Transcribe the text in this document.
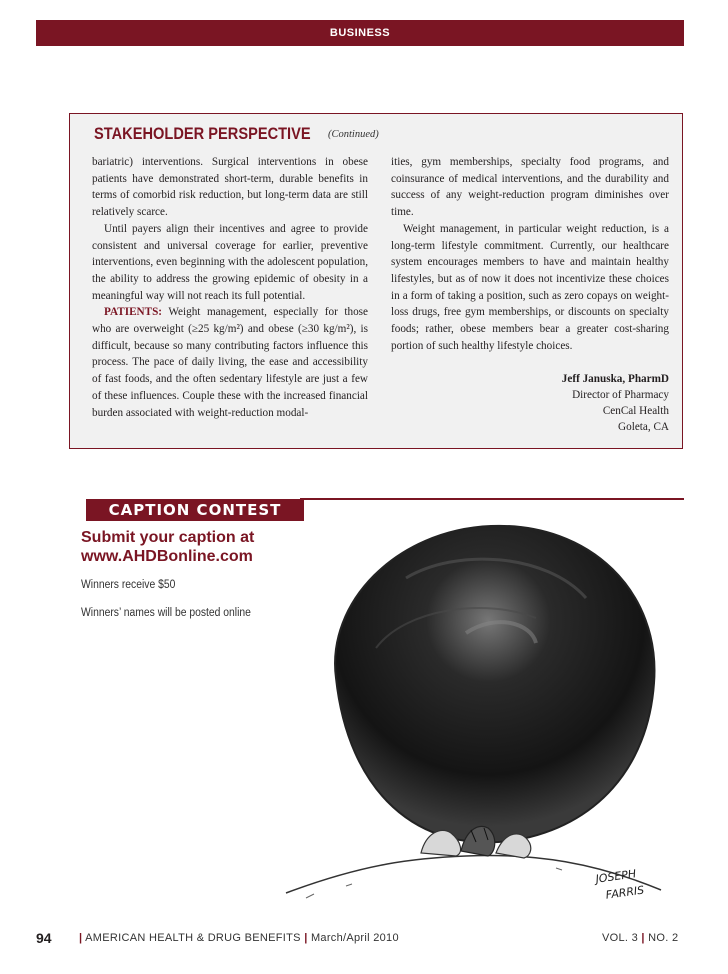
BUSINESS
STAKEHOLDER PERSPECTIVE (Continued)

bariatric) interventions. Surgical interventions in obese patients have demonstrated short-term, durable benefits in terms of comorbid risk reduction, but long-term data are still relatively scarce.

Until payers align their incentives and agree to provide consistent and universal coverage for earlier, preventive interventions, even beginning with the adolescent population, the ability to address the growing epidemic of obesity in a meaningful way will not reach its full potential.

PATIENTS: Weight management, especially for those who are overweight (≥25 kg/m²) and obese (≥30 kg/m²), is difficult, because so many contributing factors influence this process. The pace of daily living, the ease and accessibility of fast foods, and the often sedentary lifestyle are just a few of these influences. Couple these with the increased financial burden associated with weight-reduction modal-

ities, gym memberships, specialty food programs, and coinsurance of medical interventions, and the durability and success of any weight-reduction program diminishes over time.

Weight management, in particular weight reduction, is a long-term lifestyle commitment. Currently, our healthcare system encourages members to have and maintain healthy lifestyles, but as of now it does not incentivize these choices in a form of taking a position, such as zero copays on weight-loss drugs, free gym memberships, or discounts on specialty foods; rather, obese members bear a greater cost-sharing portion of such healthy lifestyle choices.

Jeff Januska, PharmD
Director of Pharmacy
CenCal Health
Goleta, CA
CAPTION CONTEST
Submit your caption at
www.AHDBonline.com
Winners receive $50
Winners’ names will be posted online
JOSEPH
FARRIS
94 | AMERICAN HEALTH & DRUG BENEFITS | March/April 2010	VOL. 3 | NO. 2
